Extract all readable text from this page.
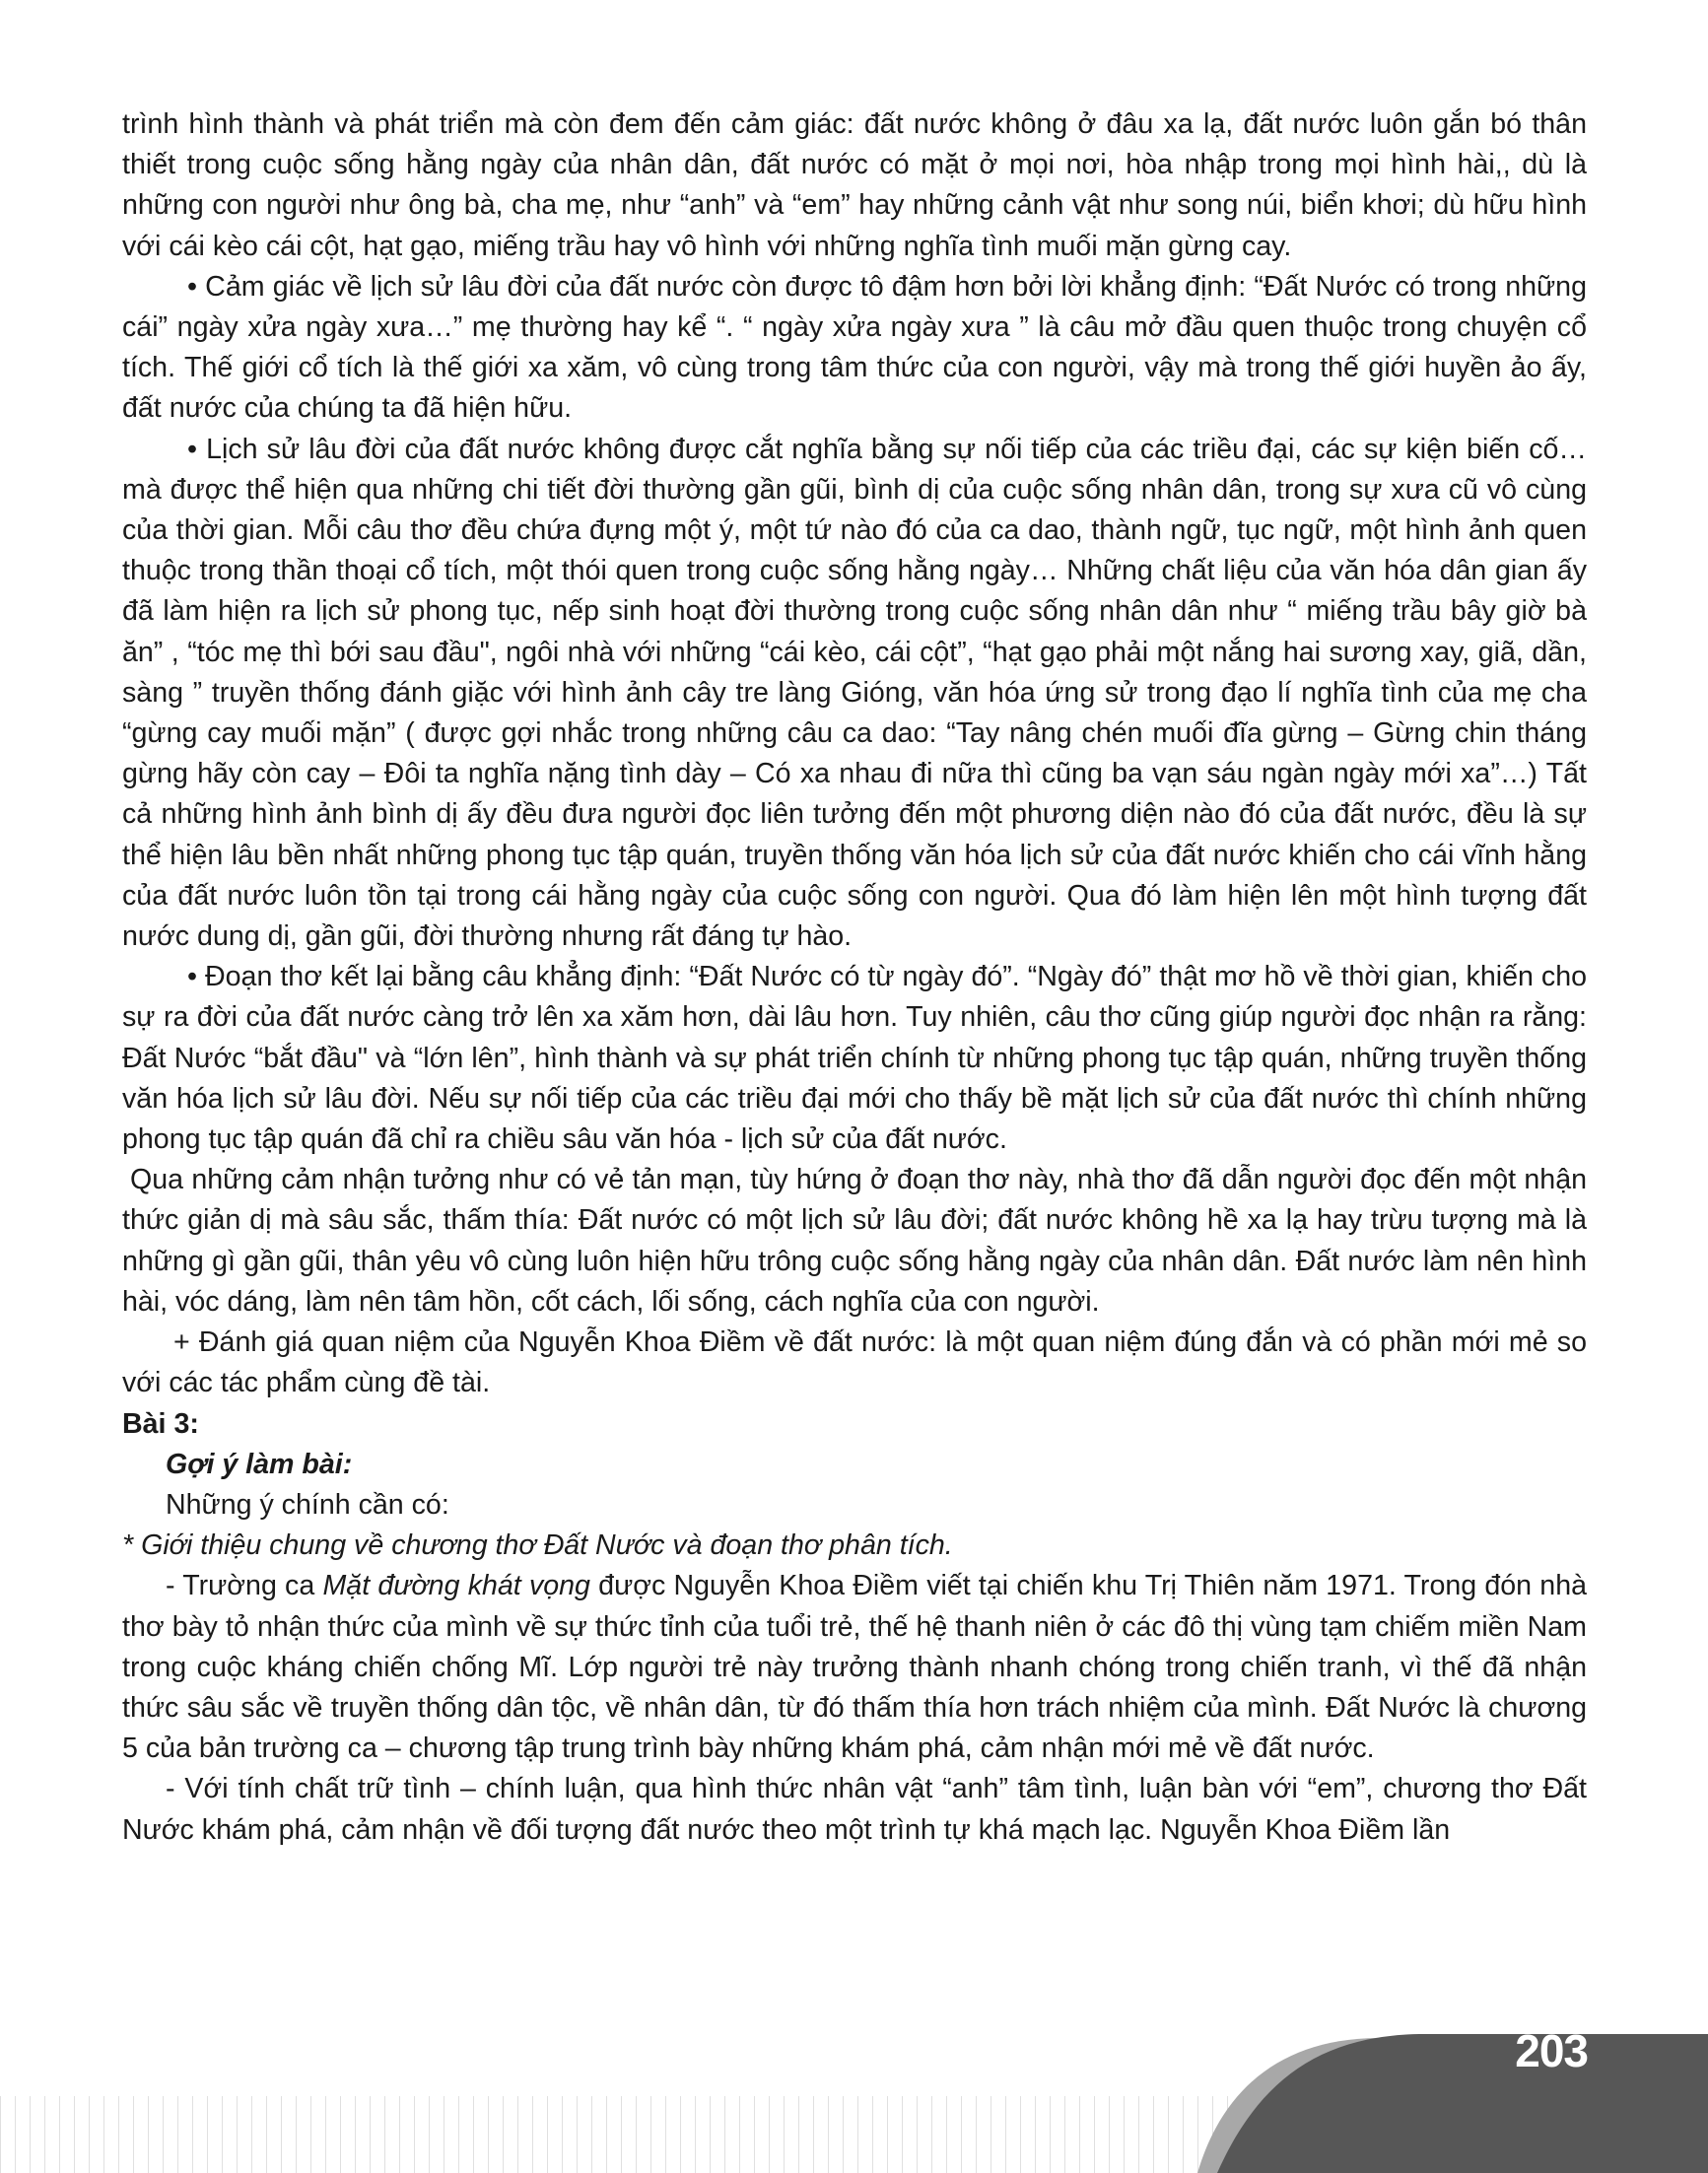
trình hình thành và phát triển mà còn đem đến cảm giác: đất nước không ở đâu xa lạ, đất nước luôn gắn bó thân thiết trong cuộc sống hằng ngày của nhân dân, đất nước có mặt ở mọi nơi, hòa nhập trong mọi hình hài,, dù là những con người như ông bà, cha mẹ, như “anh” và “em” hay những cảnh vật như song núi, biển khơi; dù hữu hình với cái kèo cái cột, hạt gạo, miếng trầu hay vô hình với những nghĩa tình muối mặn gừng cay.

• Cảm giác về lịch sử lâu đời của đất nước còn được tô đậm hơn bởi lời khẳng định: “Đất Nước có trong những cái” ngày xửa ngày xưa…” mẹ thường hay kể “. “ ngày xửa ngày xưa ” là câu mở đầu quen thuộc trong chuyện cổ tích. Thế giới cổ tích là thế giới xa xăm, vô cùng trong tâm thức của con người, vậy mà trong thế giới huyền ảo ấy, đất nước của chúng ta đã hiện hữu.

• Lịch sử lâu đời của đất nước không được cắt nghĩa bằng sự nối tiếp của các triều đại, các sự kiện biến cố… mà được thể hiện qua những chi tiết đời thường gần gũi, bình dị của cuộc sống nhân dân, trong sự xưa cũ vô cùng của thời gian. Mỗi câu thơ đều chứa đựng một ý, một tứ nào đó của ca dao, thành ngữ, tục ngữ, một hình ảnh quen thuộc trong thần thoại cổ tích, một thói quen trong cuộc sống hằng ngày… Những chất liệu của văn hóa dân gian ấy đã làm hiện ra lịch sử phong tục, nếp sinh hoạt đời thường trong cuộc sống nhân dân như “ miếng trầu bây giờ bà ăn” , “tóc mẹ thì bới sau đầu", ngôi nhà với những “cái kèo, cái cột”, “hạt gạo phải một nắng hai sương xay, giã, dần, sàng ” truyền thống đánh giặc với hình ảnh cây tre làng Gióng, văn hóa ứng sử trong đạo lí nghĩa tình của mẹ cha “gừng cay muối mặn” ( được gợi nhắc trong những câu ca dao: “Tay nâng chén muối đĩa gừng – Gừng chin tháng gừng hãy còn cay – Đôi ta nghĩa nặng tình dày – Có xa nhau đi nữa thì cũng ba vạn sáu ngàn ngày mới xa”…) Tất cả những hình ảnh bình dị ấy đều đưa người đọc liên tưởng đến một phương diện nào đó của đất nước, đều là sự thể hiện lâu bền nhất những phong tục tập quán, truyền thống văn hóa lịch sử của đất nước khiến cho cái vĩnh hằng của đất nước luôn tồn tại trong cái hằng ngày của cuộc sống con người. Qua đó làm hiện lên một hình tượng đất nước dung dị, gần gũi, đời thường nhưng rất đáng tự hào.

• Đoạn thơ kết lại bằng câu khẳng định: “Đất Nước có từ ngày đó”. “Ngày đó” thật mơ hồ về thời gian, khiến cho sự ra đời của đất nước càng trở lên xa xăm hơn, dài lâu hơn. Tuy nhiên, câu thơ cũng giúp người đọc nhận ra rằng: Đất Nước “bắt đầu" và “lớn lên”, hình thành và sự phát triển chính từ những phong tục tập quán, những truyền thống văn hóa lịch sử lâu đời. Nếu sự nối tiếp của các triều đại mới cho thấy bề mặt lịch sử của đất nước thì chính những phong tục tập quán đã chỉ ra chiều sâu văn hóa - lịch sử của đất nước.

Qua những cảm nhận tưởng như có vẻ tản mạn, tùy hứng ở đoạn thơ này, nhà thơ đã dẫn người đọc đến một nhận thức giản dị mà sâu sắc, thấm thía: Đất nước có một lịch sử lâu đời; đất nước không hề xa lạ hay trừu tượng mà là những gì gần gũi, thân yêu vô cùng luôn hiện hữu trông cuộc sống hằng ngày của nhân dân. Đất nước làm nên hình hài, vóc dáng, làm nên tâm hồn, cốt cách, lối sống, cách nghĩa của con người.

+ Đánh giá quan niệm của Nguyễn Khoa Điềm về đất nước: là một quan niệm đúng đắn và có phần mới mẻ so với các tác phẩm cùng đề tài.

Bài 3:

Gợi ý làm bài:

Những ý chính cần có:

* Giới thiệu chung về chương thơ Đất Nước và đoạn thơ phân tích.

- Trường ca Mặt đường khát vọng được Nguyễn Khoa Điềm viết tại chiến khu Trị Thiên năm 1971. Trong đón nhà thơ bày tỏ nhận thức của mình về sự thức tỉnh của tuổi trẻ, thế hệ thanh niên ở các đô thị vùng tạm chiếm miền Nam trong cuộc kháng chiến chống Mĩ. Lớp người trẻ này trưởng thành nhanh chóng trong chiến tranh, vì thế đã nhận thức sâu sắc về truyền thống dân tộc, về nhân dân, từ đó thấm thía hơn trách nhiệm của mình. Đất Nước là chương 5 của bản trường ca – chương tập trung trình bày những khám phá, cảm nhận mới mẻ về đất nước.

- Với tính chất trữ tình – chính luận, qua hình thức nhân vật “anh” tâm tình, luận bàn với “em”, chương thơ Đất Nước khám phá, cảm nhận về đối tượng đất nước theo một trình tự khá mạch lạc. Nguyễn Khoa Điềm lần

203
